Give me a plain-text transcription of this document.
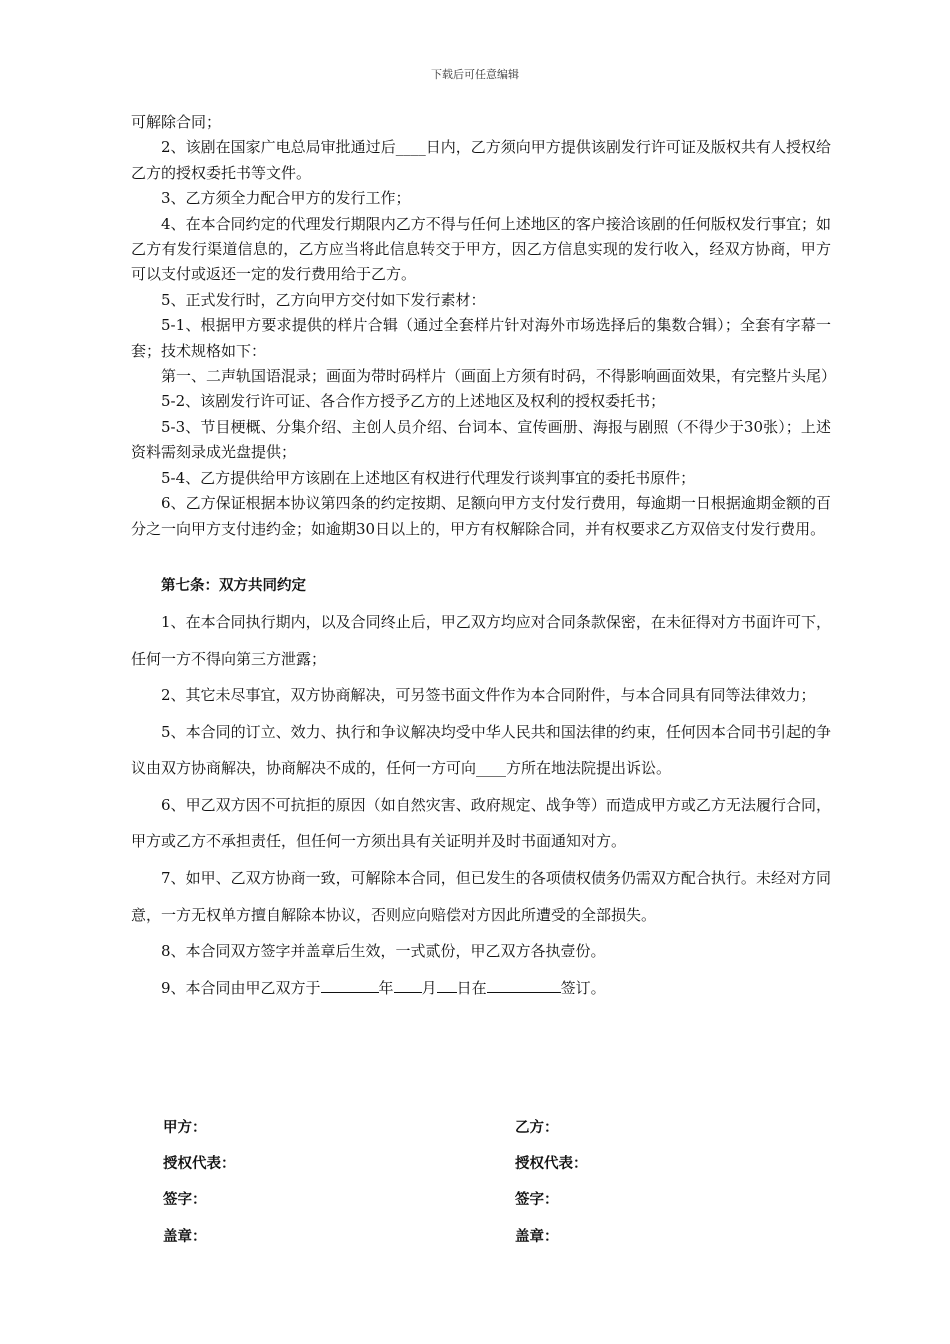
下载后可任意编辑

可解除合同；

2、该剧在国家广电总局审批通过后____日内，乙方须向甲方提供该剧发行许可证及版权共有人授权给乙方的授权委托书等文件。

3、乙方须全力配合甲方的发行工作；

4、在本合同约定的代理发行期限内乙方不得与任何上述地区的客户接洽该剧的任何版权发行事宜；如乙方有发行渠道信息的，乙方应当将此信息转交于甲方，因乙方信息实现的发行收入，经双方协商，甲方可以支付或返还一定的发行费用给于乙方。

5、正式发行时，乙方向甲方交付如下发行素材：

5-1、根据甲方要求提供的样片合辑（通过全套样片针对海外市场选择后的集数合辑）；全套有字幕一套；技术规格如下：

第一、二声轨国语混录；画面为带时码样片（画面上方须有时码，不得影响画面效果，有完整片头尾）

5-2、该剧发行许可证、各合作方授予乙方的上述地区及权利的授权委托书；

5-3、节目梗概、分集介绍、主创人员介绍、台词本、宣传画册、海报与剧照（不得少于30张）；上述资料需刻录成光盘提供；

5-4、乙方提供给甲方该剧在上述地区有权进行代理发行谈判事宜的委托书原件；

6、乙方保证根据本协议第四条的约定按期、足额向甲方支付发行费用，每逾期一日根据逾期金额的百分之一向甲方支付违约金；如逾期30日以上的，甲方有权解除合同，并有权要求乙方双倍支付发行费用。

第七条：双方共同约定

1、在本合同执行期内，以及合同终止后，甲乙双方均应对合同条款保密，在未征得对方书面许可下，任何一方不得向第三方泄露；

2、其它未尽事宜，双方协商解决，可另签书面文件作为本合同附件，与本合同具有同等法律效力；

5、本合同的订立、效力、执行和争议解决均受中华人民共和国法律的约束，任何因本合同书引起的争议由双方协商解决，协商解决不成的，任何一方可向____方所在地法院提出诉讼。

6、甲乙双方因不可抗拒的原因（如自然灾害、政府规定、战争等）而造成甲方或乙方无法履行合同，甲方或乙方不承担责任，但任何一方须出具有关证明并及时书面通知对方。

7、如甲、乙双方协商一致，可解除本合同，但已发生的各项债权债务仍需双方配合执行。未经对方同意，一方无权单方擅自解除本协议，否则应向赔偿对方因此所遭受的全部损失。

8、本合同双方签字并盖章后生效，一式贰份，甲乙双方各执壹份。

9、本合同由甲乙双方于	年 月 日在	签订。

甲方：	乙方：
授权代表：	授权代表：
签字：	签字：
盖章：	盖章：
